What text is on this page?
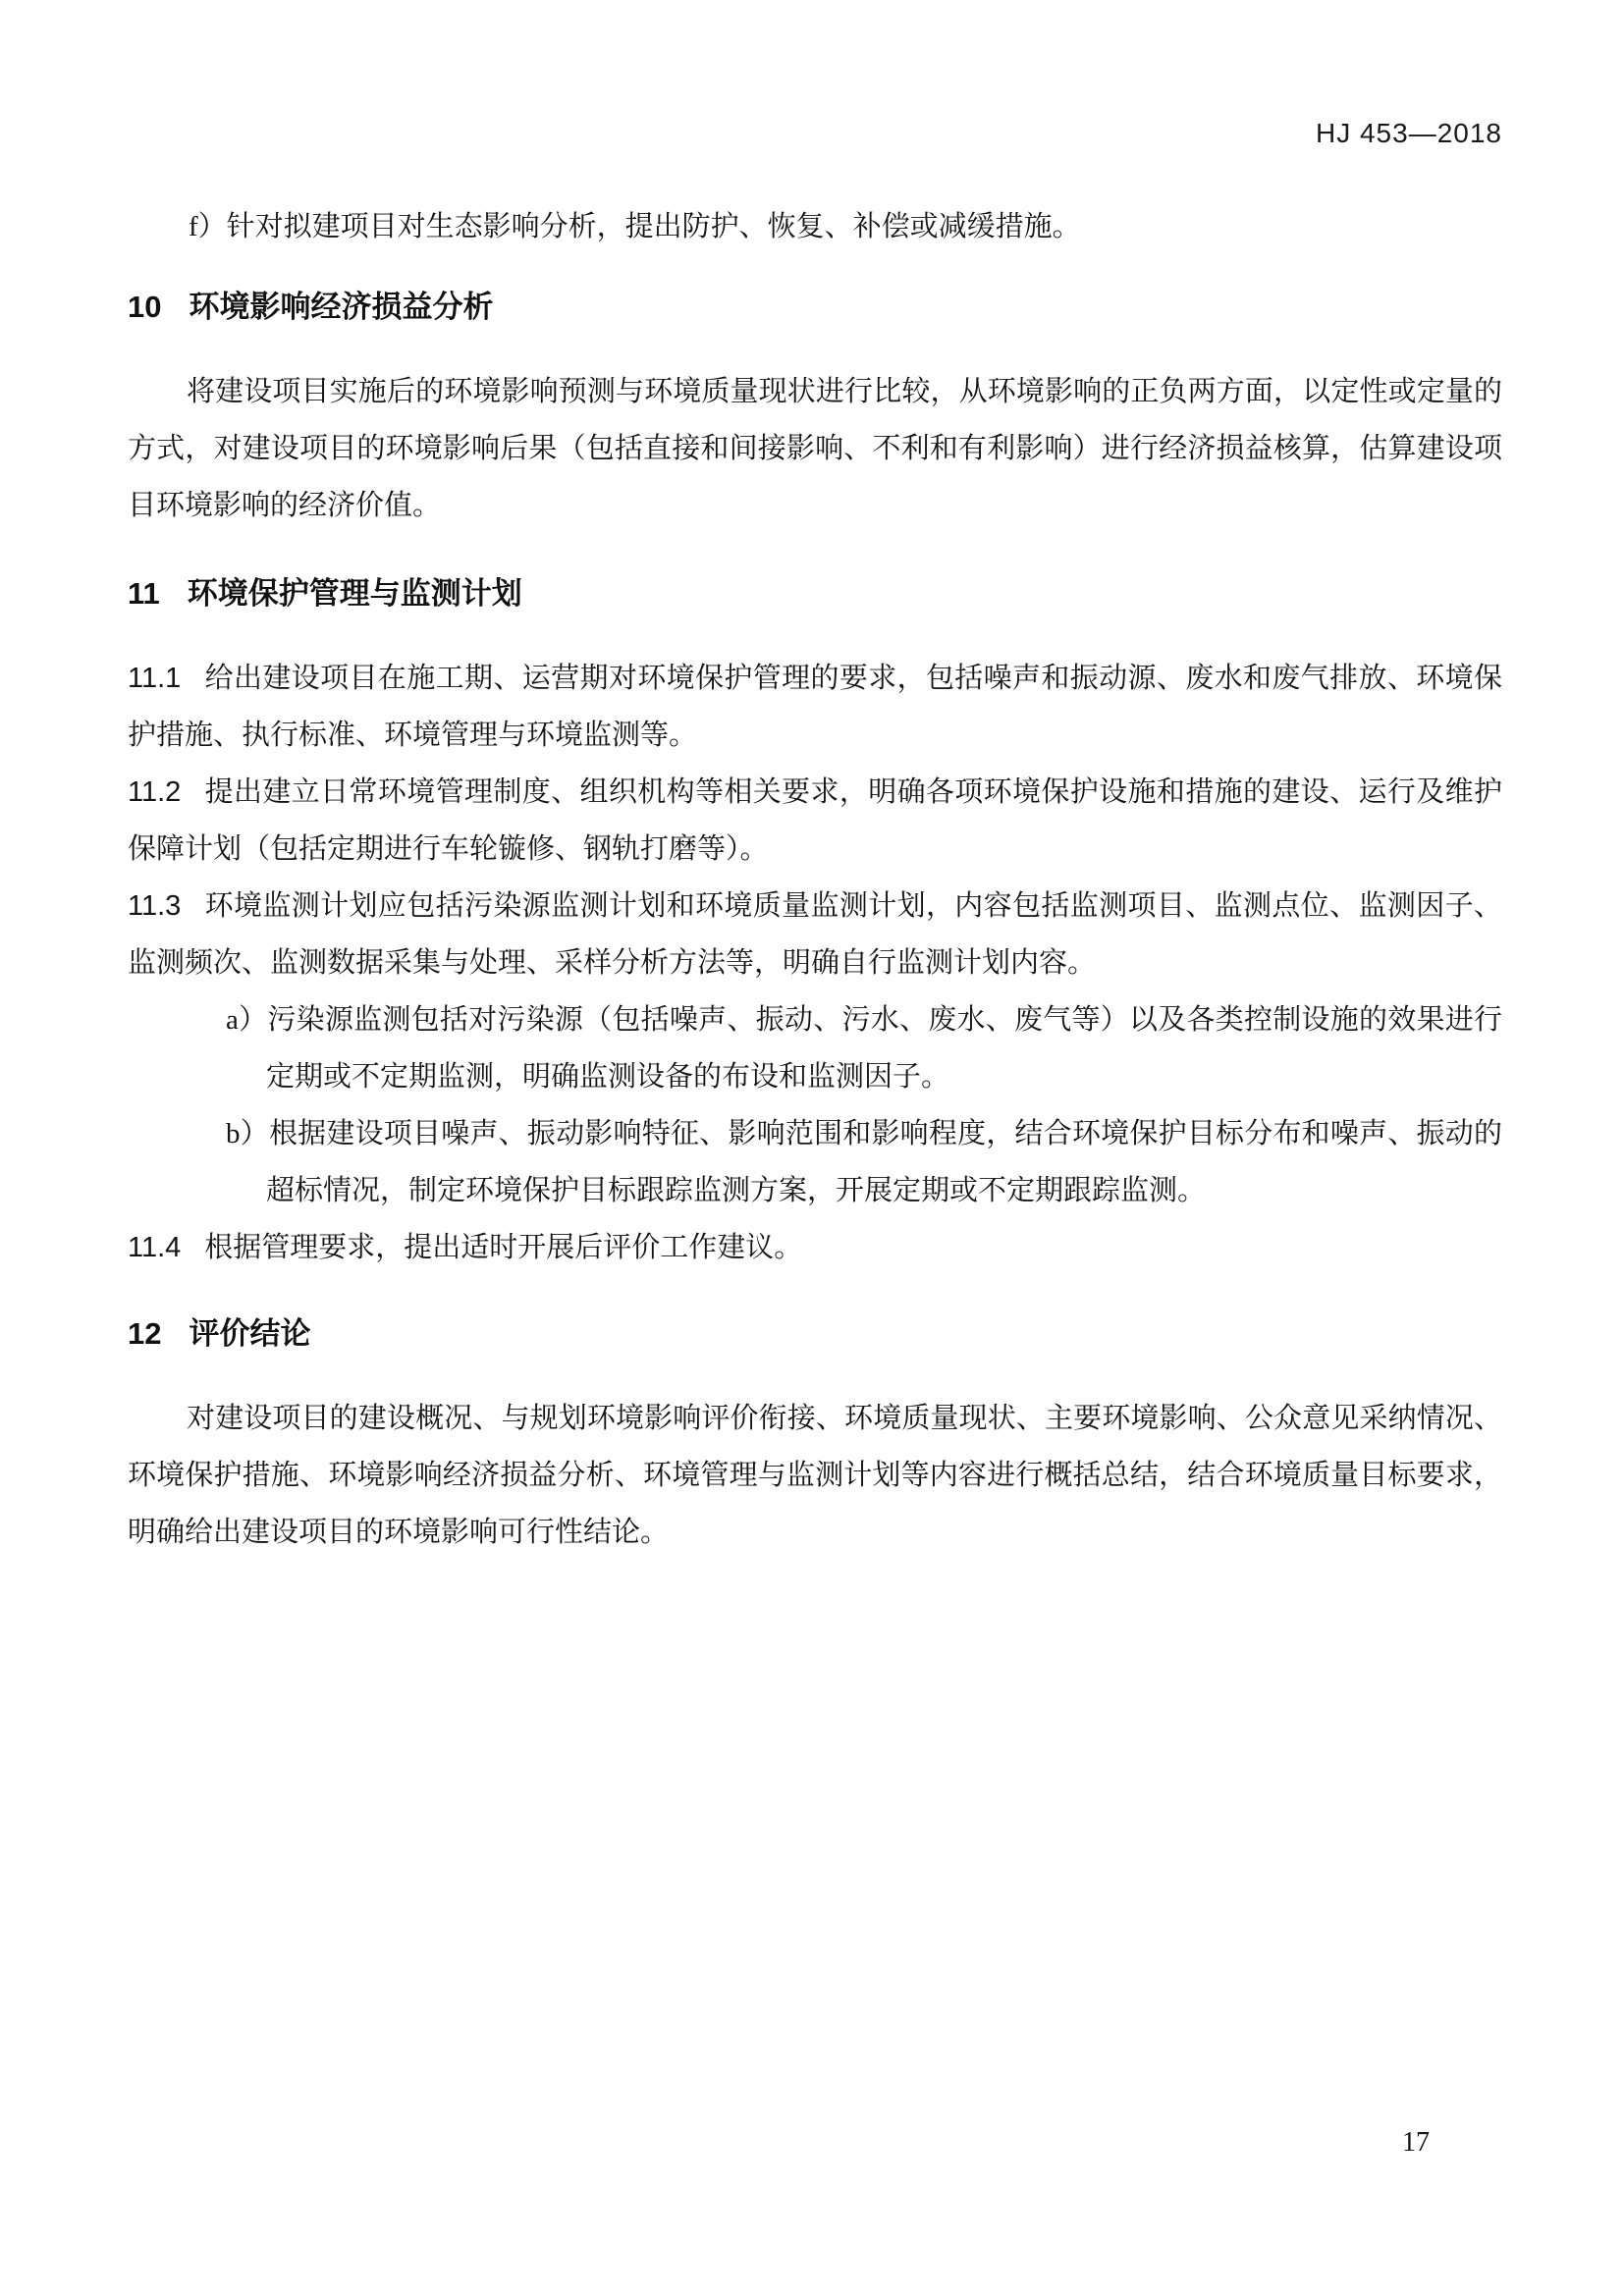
HJ 453—2018
f）针对拟建项目对生态影响分析，提出防护、恢复、补偿或减缓措施。
10 环境影响经济损益分析

将建设项目实施后的环境影响预测与环境质量现状进行比较，从环境影响的正负两方面，以定性或定量的方式，对建设项目的环境影响后果（包括直接和间接影响、不利和有利影响）进行经济损益核算，估算建设项目环境影响的经济价值。

11 环境保护管理与监测计划

11.1 给出建设项目在施工期、运营期对环境保护管理的要求，包括噪声和振动源、废水和废气排放、环境保护措施、执行标准、环境管理与环境监测等。

11.2 提出建立日常环境管理制度、组织机构等相关要求，明确各项环境保护设施和措施的建设、运行及维护保障计划（包括定期进行车轮镟修、钢轨打磨等）。

11.3 环境监测计划应包括污染源监测计划和环境质量监测计划，内容包括监测项目、监测点位、监测因子、监测频次、监测数据采集与处理、采样分析方法等，明确自行监测计划内容。

a）污染源监测包括对污染源（包括噪声、振动、污水、废水、废气等）以及各类控制设施的效果进行定期或不定期监测，明确监测设备的布设和监测因子。

b）根据建设项目噪声、振动影响特征、影响范围和影响程度，结合环境保护目标分布和噪声、振动的超标情况，制定环境保护目标跟踪监测方案，开展定期或不定期跟踪监测。

11.4 根据管理要求，提出适时开展后评价工作建议。

12 评价结论

对建设项目的建设概况、与规划环境影响评价衔接、环境质量现状、主要环境影响、公众意见采纳情况、环境保护措施、环境影响经济损益分析、环境管理与监测计划等内容进行概括总结，结合环境质量目标要求，明确给出建设项目的环境影响可行性结论。

17
